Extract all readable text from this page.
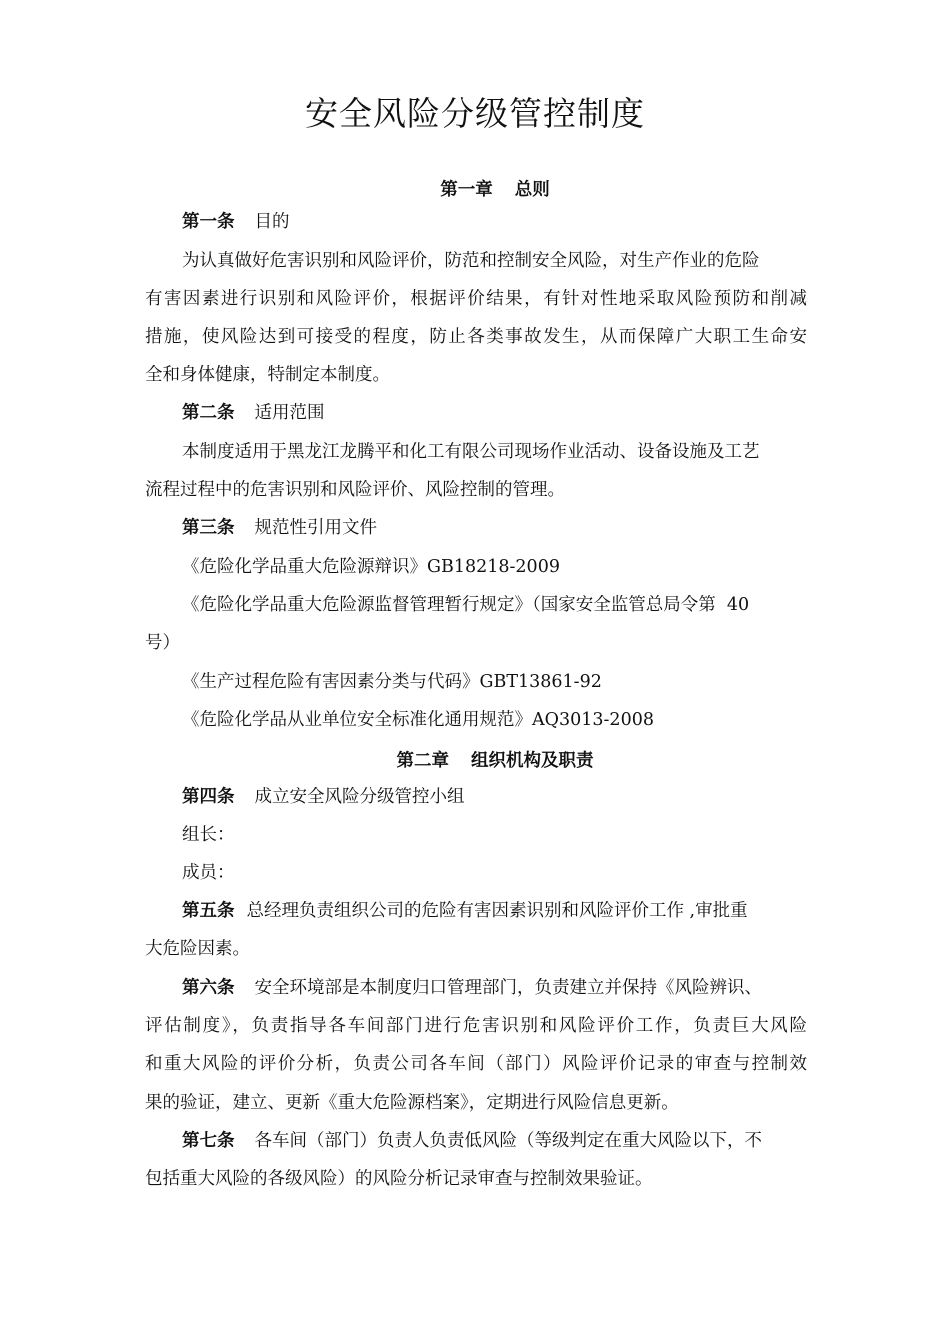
安全风险分级管控制度
第一章 总则
第一条 目的
为认真做好危害识别和风险评价，防范和控制安全风险，对生产作业的危险
有害因素进行识别和风险评价，根据评价结果，有针对性地采取风险预防和削减
措施，使风险达到可接受的程度，防止各类事故发生，从而保障广大职工生命安
全和身体健康，特制定本制度。
第二条 适用范围
本制度适用于黑龙江龙腾平和化工有限公司现场作业活动、设备设施及工艺
流程过程中的危害识别和风险评价、风险控制的管理。
第三条 规范性引用文件
《危险化学品重大危险源辩识》GB18218-2009
《危险化学品重大危险源监督管理暂行规定》（国家安全监管总局令第  40
号）
《生产过程危险有害因素分类与代码》GBT13861-92
《危险化学品从业单位安全标准化通用规范》AQ3013-2008
第二章 组织机构及职责
第四条 成立安全风险分级管控小组
组长：
成员：
第五条 总经理负责组织公司的危险有害因素识别和风险评价工作 ,审批重
大危险因素。
第六条 安全环境部是本制度归口管理部门，负责建立并保持《风险辨识、
评估制度》，负责指导各车间部门进行危害识别和风险评价工作，负责巨大风险
和重大风险的评价分析，负责公司各车间（部门）风险评价记录的审查与控制效
果的验证，建立、更新《重大危险源档案》，定期进行风险信息更新。
第七条 各车间（部门）负责人负责低风险（等级判定在重大风险以下，不
包括重大风险的各级风险）的风险分析记录审查与控制效果验证。
